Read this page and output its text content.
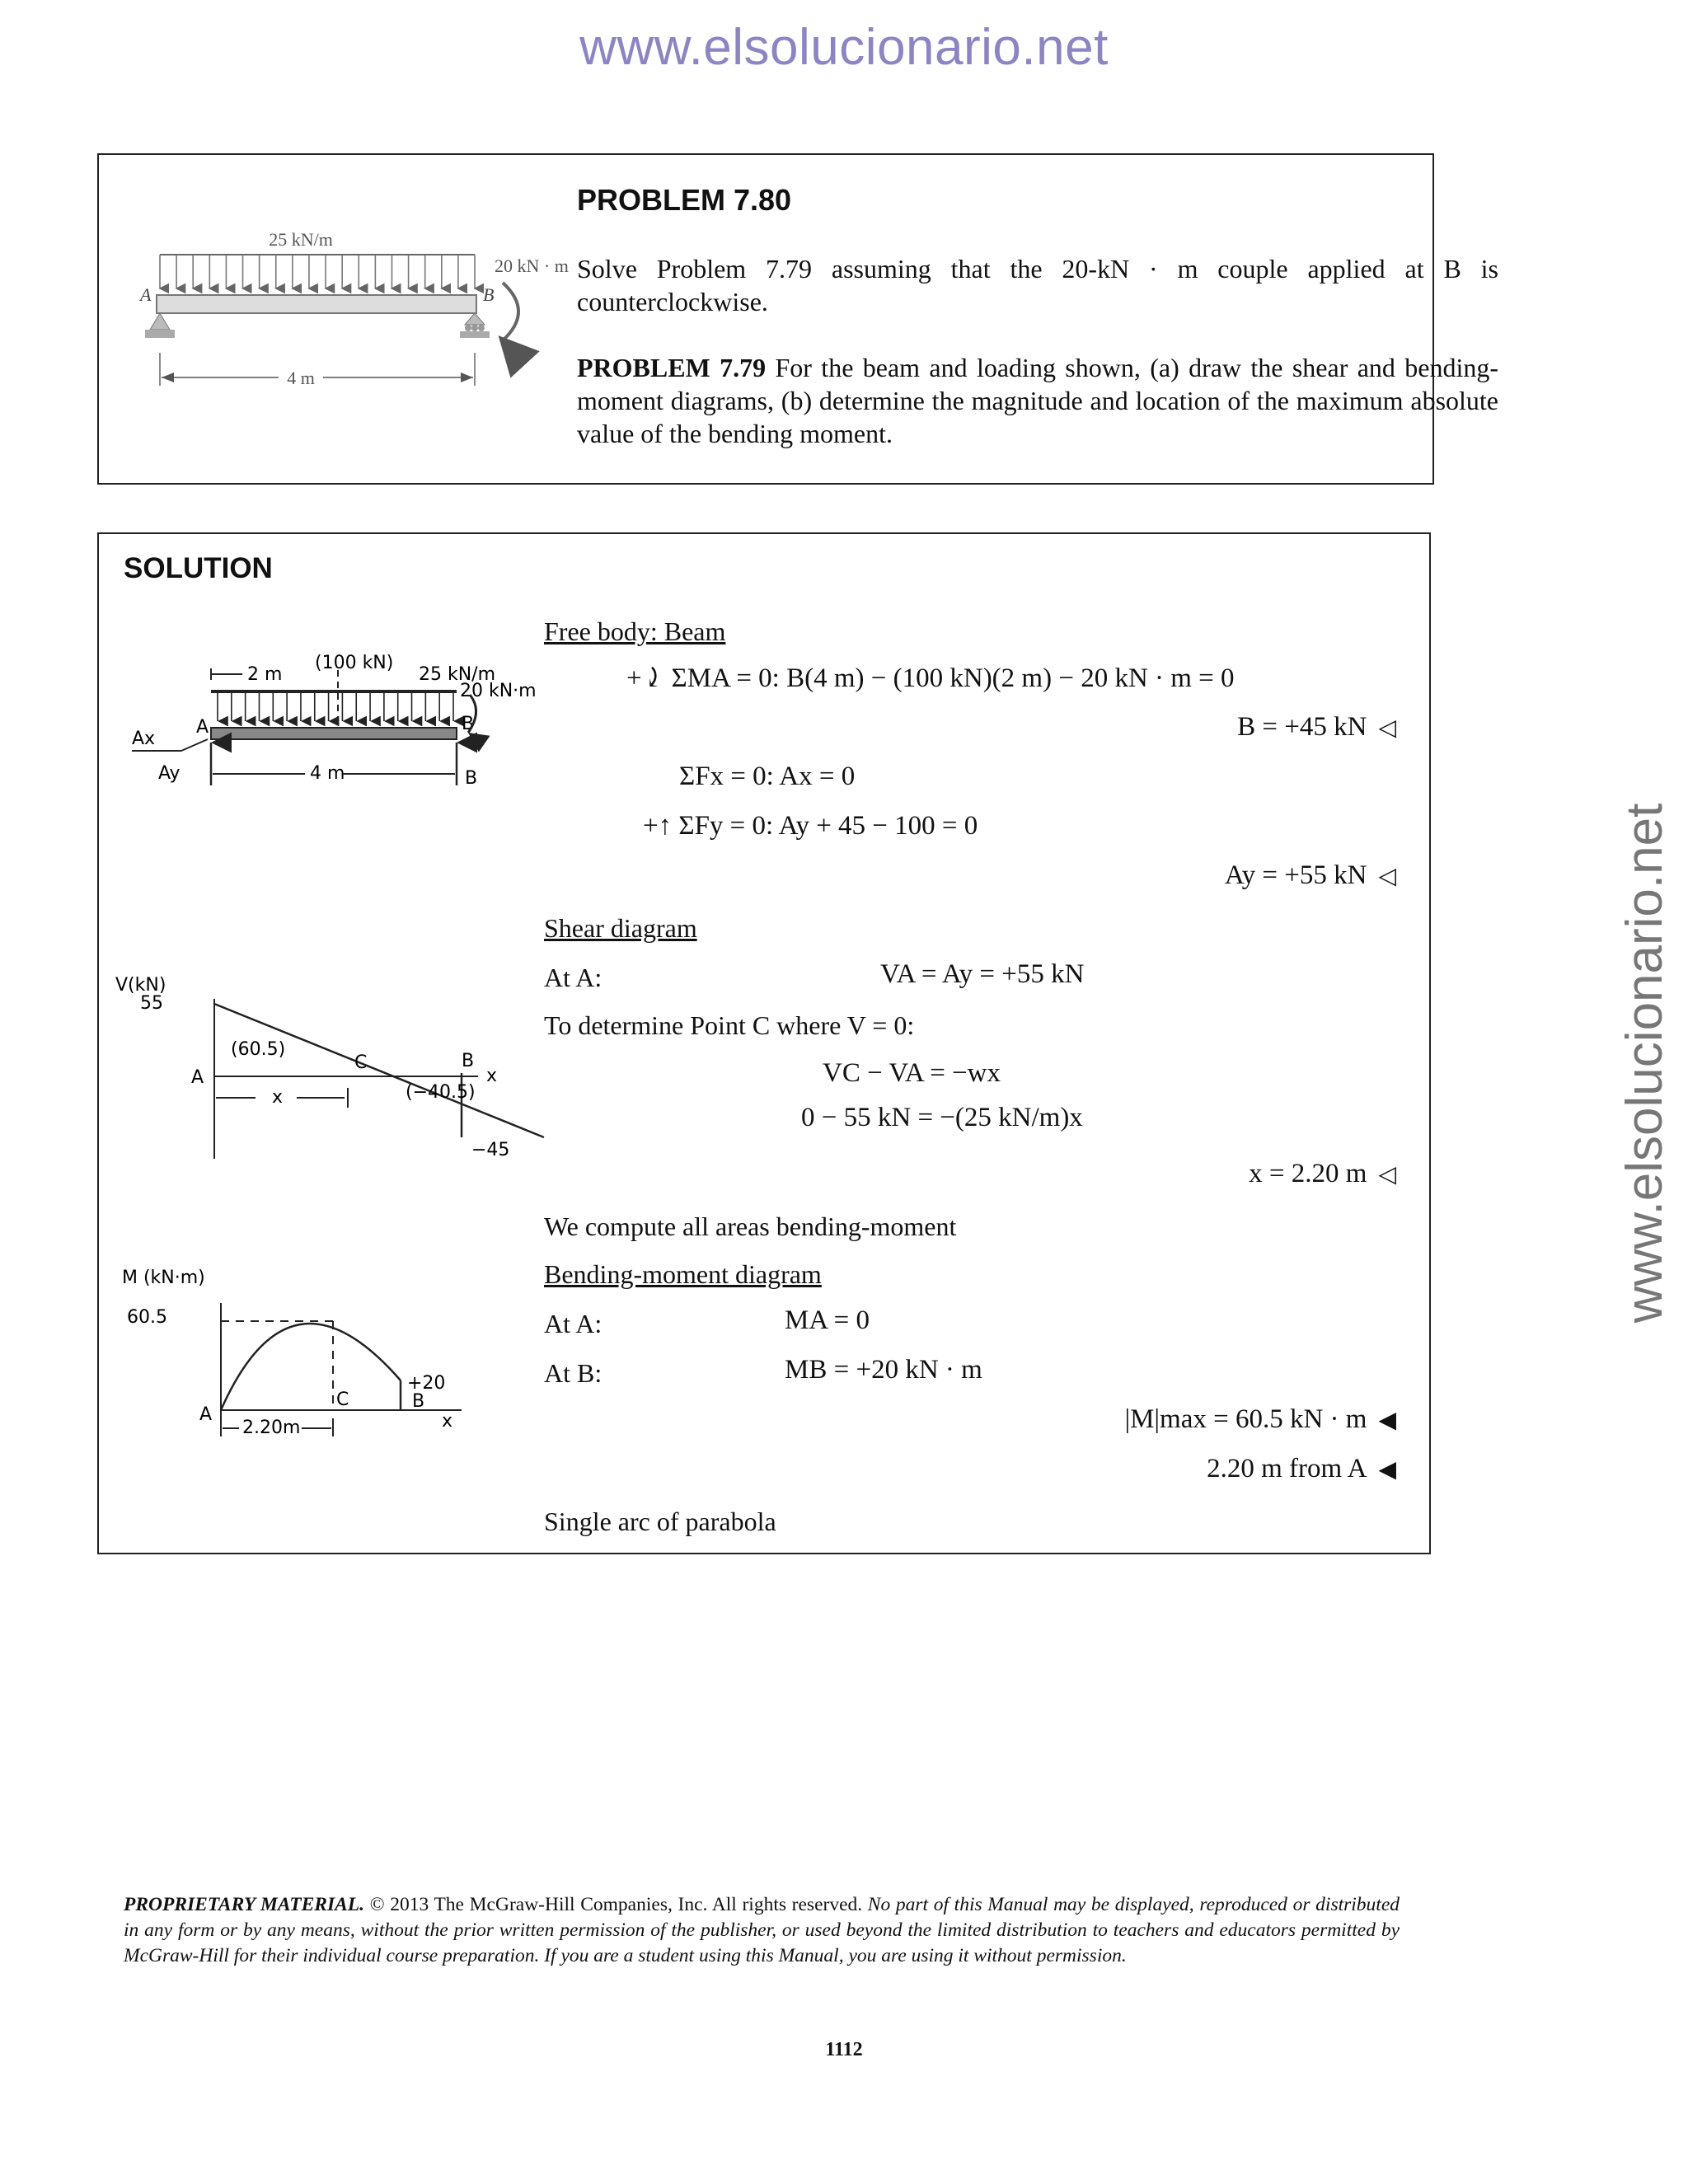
www.elsolucionario.net
www.elsolucionario.net
25 kN/m
A	B
20 kN · m
4 m
PROBLEM 7.80
Solve Problem 7.79 assuming that the 20-kN · m couple applied at B is counterclockwise.
PROBLEM 7.79 For the beam and loading shown, (a) draw the shear and bending-moment diagrams, (b) determine the magnitude and location of the maximum absolute value of the bending moment.
SOLUTION
2 m
(100 kN)
25 kN/m
20 kN·m
A	B
Ax
Ay	B
4 m
V(kN)
55
(60.5)
C
A
B
(−40.5)
x
x
−45
M (kN·m)
60.5
+20
A
C	B
x
2.20m
Free body: Beam
+⤸ ΣMA = 0: B(4 m) − (100 kN)(2 m) − 20 kN · m = 0
B = +45 kN ◁
ΣFx = 0: Ax = 0
+↑ ΣFy = 0: Ay + 45 − 100 = 0
Ay = +55 kN ◁
Shear diagram
At A:	VA = Ay = +55 kN
To determine Point C where V = 0:
VC − VA = −wx
0 − 55 kN = −(25 kN/m)x
x = 2.20 m ◁
We compute all areas bending-moment
Bending-moment diagram
At A:	MA = 0
At B:	MB = +20 kN · m
|M|max = 60.5 kN · m ◀
2.20 m from A ◀
Single arc of parabola
PROPRIETARY MATERIAL. © 2013 The McGraw-Hill Companies, Inc. All rights reserved. No part of this Manual may be displayed, reproduced or distributed in any form or by any means, without the prior written permission of the publisher, or used beyond the limited distribution to teachers and educators permitted by McGraw-Hill for their individual course preparation. If you are a student using this Manual, you are using it without permission.
1112
